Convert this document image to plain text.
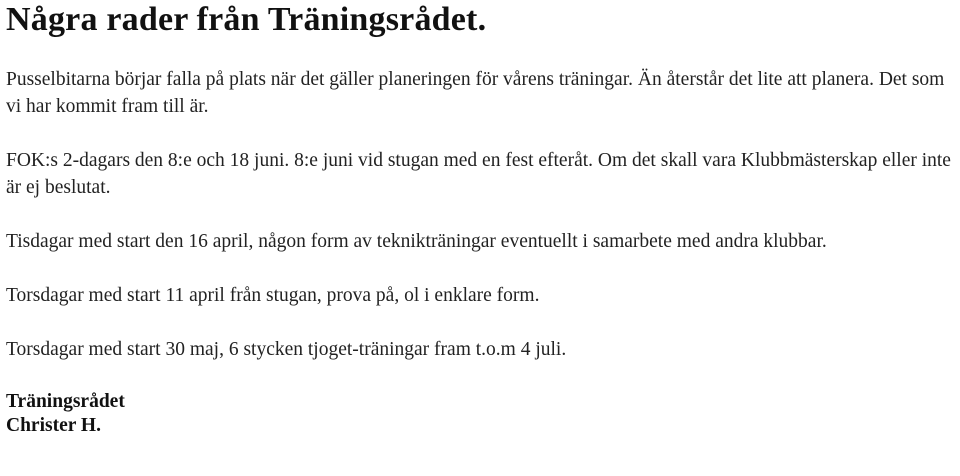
Några rader från Träningsrådet.

Pusselbitarna börjar falla på plats när det gäller planeringen för vårens träningar. Än återstår det lite att planera. Det som vi har kommit fram till är.

FOK:s 2-dagars den 8:e och 18 juni. 8:e juni vid stugan med en fest efteråt. Om det skall vara Klubbmästerskap eller inte är ej beslutat.

Tisdagar med start den 16 april, någon form av teknikträningar eventuellt i samarbete med andra klubbar.

Torsdagar med start 11 april från stugan, prova på, ol i enklare form.

Torsdagar med start 30 maj, 6 stycken tjoget-träningar fram t.o.m 4 juli.

Träningsrådet
Christer H.
